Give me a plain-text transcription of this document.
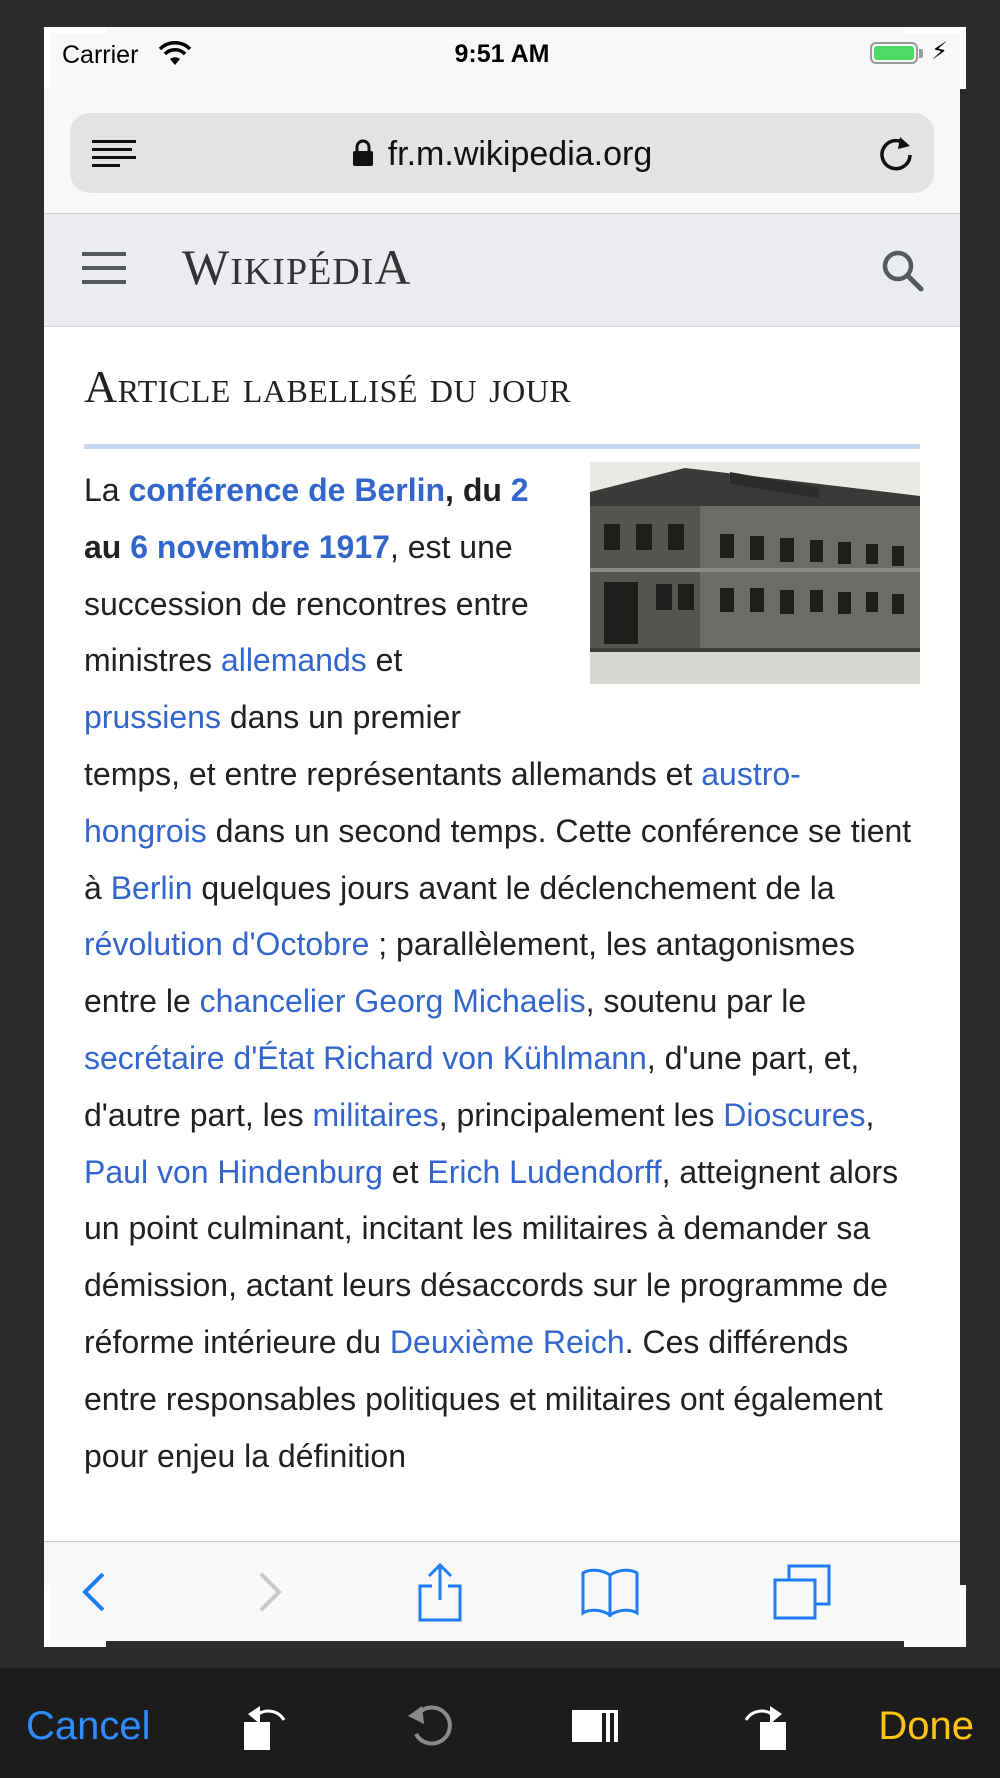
Carrier	9:51 AM	⚡︎
fr.m.wikipedia.org
WIKIPÉDIA
Article labellisé du jour

La conférence de Berlin, du 2 au 6 novembre 1917, est une succession de rencontres entre ministres allemands et prussiens dans un premier temps, et entre représentants allemands et austro-hongrois dans un second temps. Cette conférence se tient à Berlin quelques jours avant le déclenchement de la révolution d'Octobre ; parallèlement, les antagonismes entre le chancelier Georg Michaelis, soutenu par le secrétaire d'État Richard von Kühlmann, d'une part, et, d'autre part, les militaires, principalement les Dioscures, Paul von Hindenburg et Erich Ludendorff, atteignent alors un point culminant, incitant les militaires à demander sa démission, actant leurs désaccords sur le programme de réforme intérieure du Deuxième Reich. Ces différends entre responsables politiques et militaires ont également pour enjeu la définition

Cancel	Done
